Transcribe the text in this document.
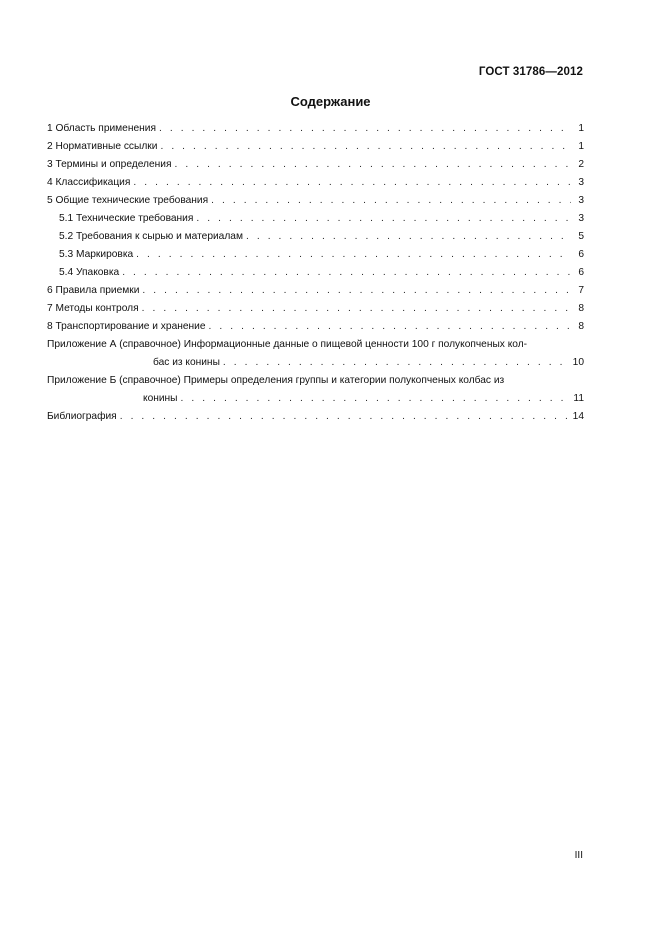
ГОСТ 31786—2012
Содержание
1 Область применения . . .	1
2 Нормативные ссылки . . .	1
3 Термины и определения . . .	2
4 Классификация . . .	3
5 Общие технические требования . . .	3
5.1 Технические требования . . .	3
5.2 Требования к сырью и материалам . . .	5
5.3 Маркировка . . .	6
5.4 Упаковка . . .	6
6 Правила приемки . . .	7
7 Методы контроля . . .	8
8 Транспортирование и хранение . . .	8
Приложение А (справочное) Информационные данные о пищевой ценности 100 г полукопченых кол-
бас из конины . . .	10
Приложение Б (справочное) Примеры определения группы и категории полукопченых колбас из
конины . . .	11
Библиография . . .	14
III
